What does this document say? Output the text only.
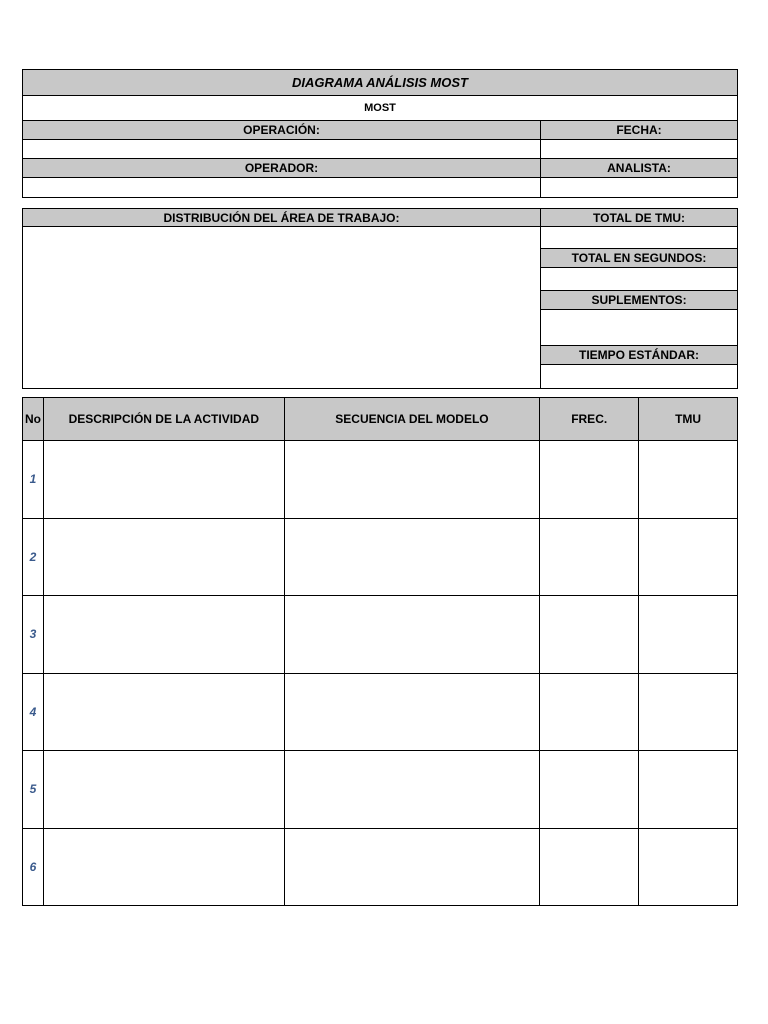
DIAGRAMA ANÁLISIS MOST
MOST
OPERACIÓN:	FECHA:
OPERADOR:	ANALISTA:
DISTRIBUCIÓN DEL ÁREA DE TRABAJO:	TOTAL DE TMU:
TOTAL EN SEGUNDOS:
SUPLEMENTOS:
TIEMPO ESTÁNDAR:
No	DESCRIPCIÓN DE LA ACTIVIDAD	SECUENCIA DEL MODELO	FREC.	TMU
1				
2				
3				
4				
5				
6				
